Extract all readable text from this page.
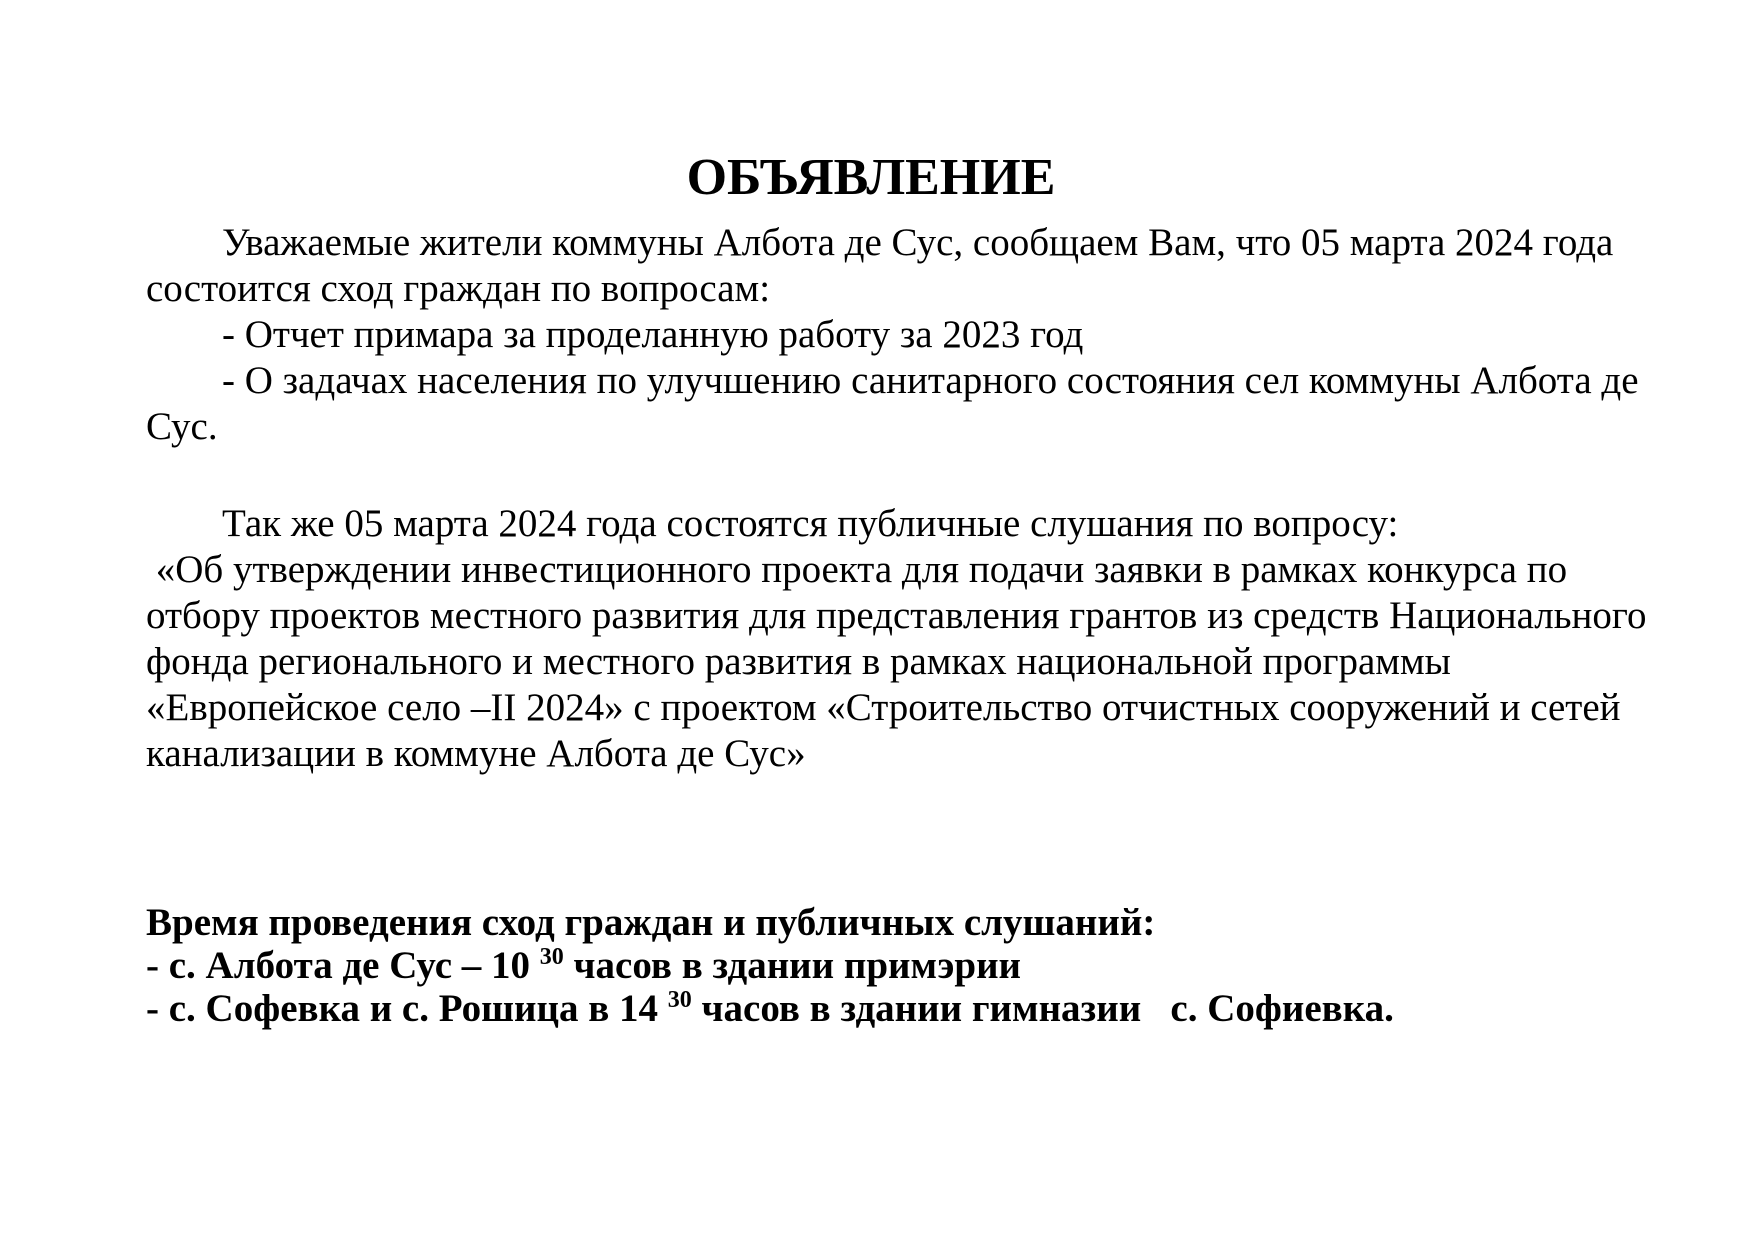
ОБЪЯВЛЕНИЕ
Уважаемые жители коммуны Албота де Сус, сообщаем Вам, что 05 марта 2024 года
состоится сход граждан по вопросам:
- Отчет примара за проделанную работу за 2023 год
- О задачах населения по улучшению санитарного состояния сел коммуны Албота де
Сус.
Так же 05 марта 2024 года состоятся публичные слушания по вопросу:
«Об утверждении инвестиционного проекта для подачи заявки в рамках конкурса по
отбору проектов местного развития для представления грантов из средств Национального
фонда регионального и местного развития в рамках национальной программы
«Европейское село –II 2024» с проектом «Строительство отчистных сооружений и сетей
канализации в коммуне Албота де Сус»
Время проведения сход граждан и публичных слушаний:
- с. Албота де Сус – 10 $^{30}$ часов в здании примэрии
- с. Софевка и с. Рошица в 14 $^{30}$ часов в здании гимназии   с. Софиевка.
